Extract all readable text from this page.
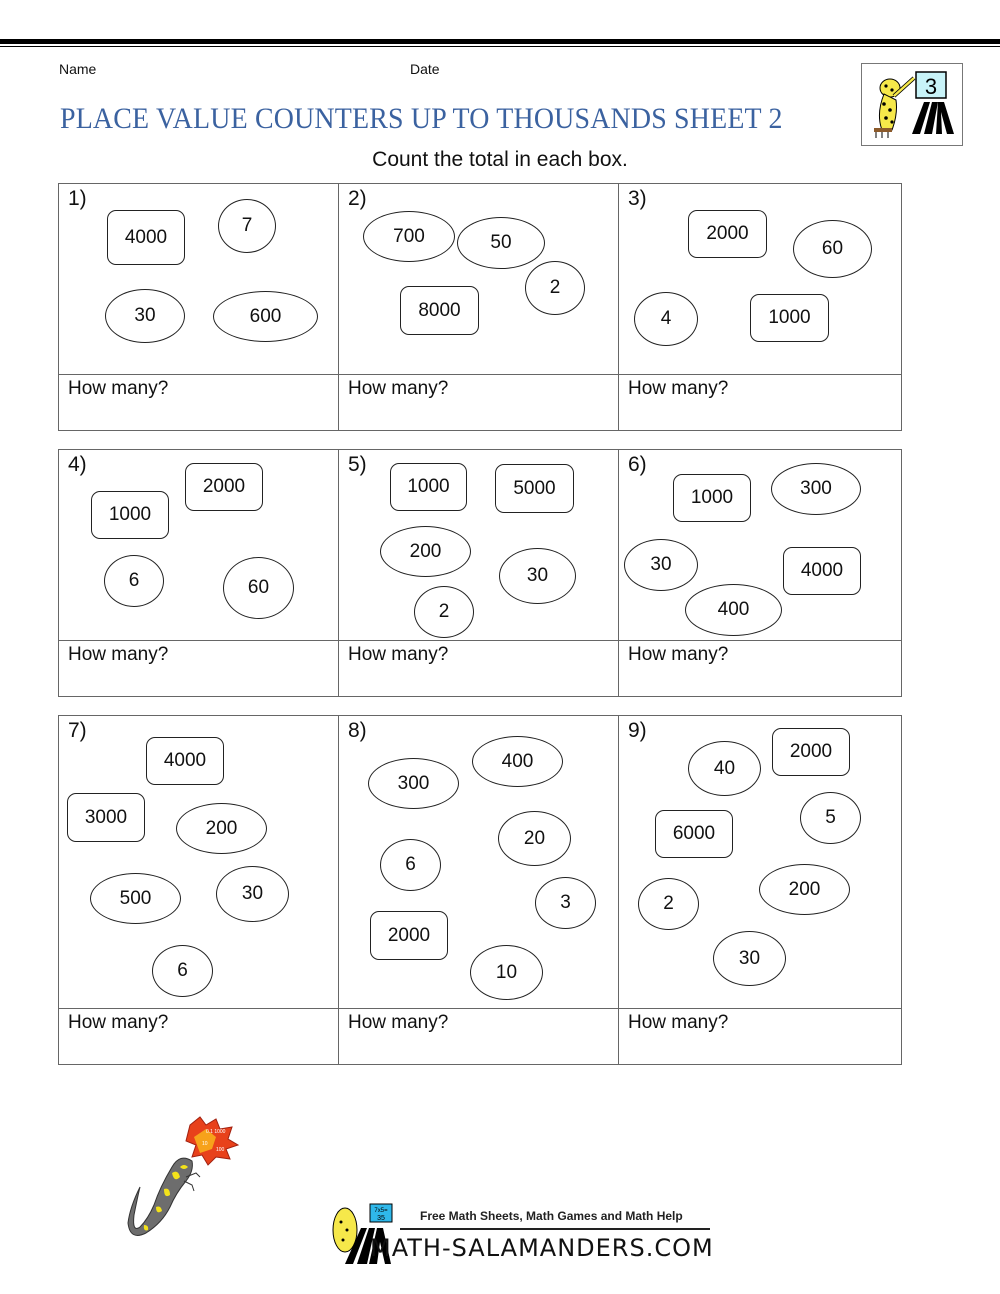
Name	Date
PLACE VALUE COUNTERS UP TO THOUSANDS SHEET 2
Count the total in each box.
3
1)
4000
7
30	600
2)
700	50
2
8000
3)
2000
60
4	1000
How many?	How many?	How many?
4)
2000
1000
6	60
5)
1000	5000
200
30
2
6)
1000	300
30	4000
400
How many?	How many?	How many?
7)
4000
3000
200
500	30
6
8)
400
300
20
6
3
2000
10
9)
2000
40
5
6000
200
2
30
How many?	How many?	How many?
0.1 1000
10
100
7x5=
35	Free Math Sheets, Math Games and Math Help
MATH-SALAMANDERS.COM
